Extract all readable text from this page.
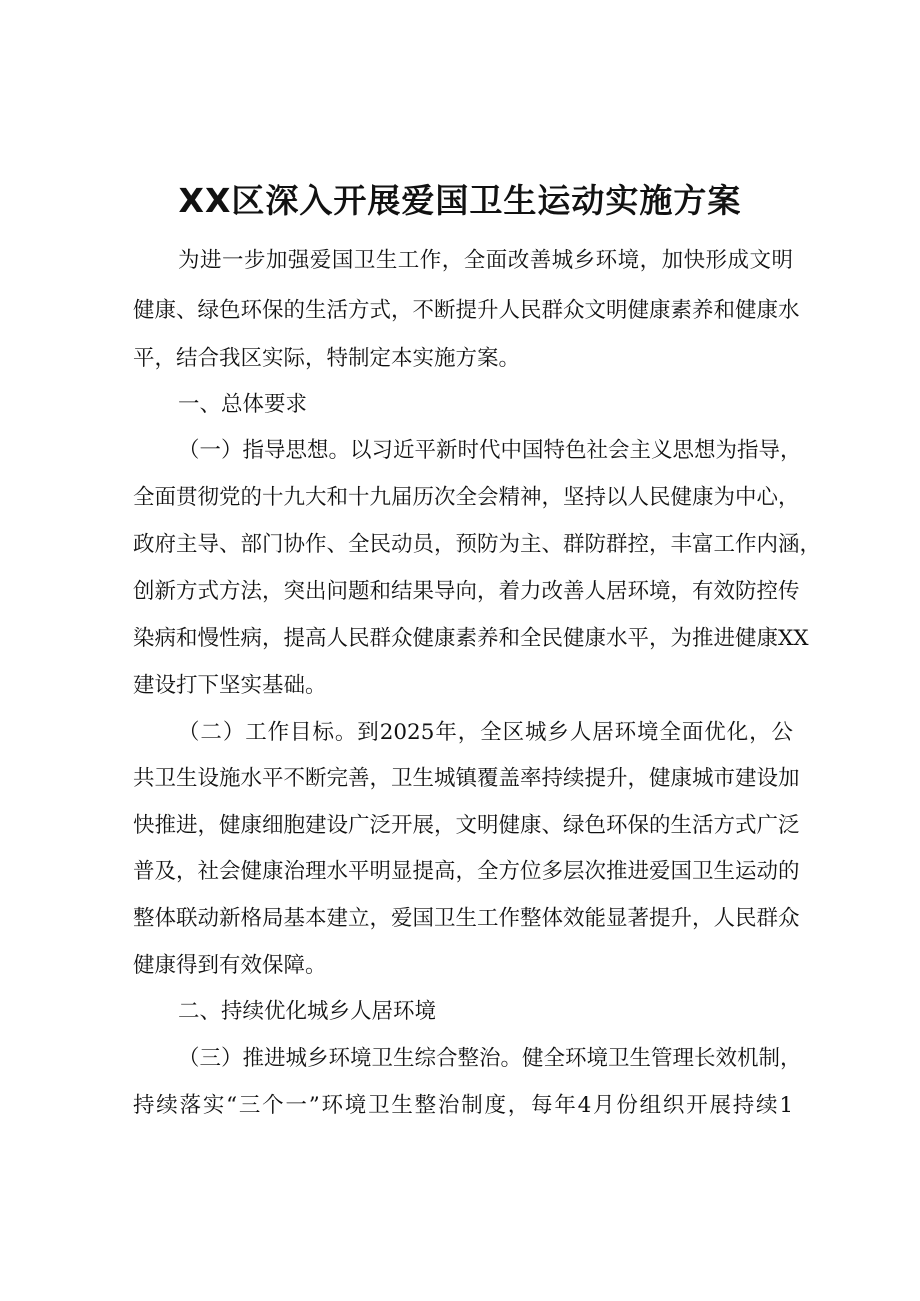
XX区深入开展爱国卫生运动实施方案

为进一步加强爱国卫生工作，全面改善城乡环境，加快形成文明

健康、绿色环保的生活方式，不断提升人民群众文明健康素养和健康水

平，结合我区实际，特制定本实施方案。

一、总体要求

（一）指导思想。以习近平新时代中国特色社会主义思想为指导，

全面贯彻党的十九大和十九届历次全会精神，坚持以人民健康为中心，

政府主导、部门协作、全民动员，预防为主、群防群控，丰富工作内涵，

创新方式方法，突出问题和结果导向，着力改善人居环境，有效防控传

染病和慢性病，提高人民群众健康素养和全民健康水平，为推进健康XX

建设打下坚实基础。

（二）工作目标。到2025年，全区城乡人居环境全面优化，公

共卫生设施水平不断完善，卫生城镇覆盖率持续提升，健康城市建设加

快推进，健康细胞建设广泛开展，文明健康、绿色环保的生活方式广泛

普及，社会健康治理水平明显提高，全方位多层次推进爱国卫生运动的

整体联动新格局基本建立，爱国卫生工作整体效能显著提升，人民群众

健康得到有效保障。

二、持续优化城乡人居环境

（三）推进城乡环境卫生综合整治。健全环境卫生管理长效机制，

持续落实“三个一”环境卫生整治制度，每年4月份组织开展持续1
